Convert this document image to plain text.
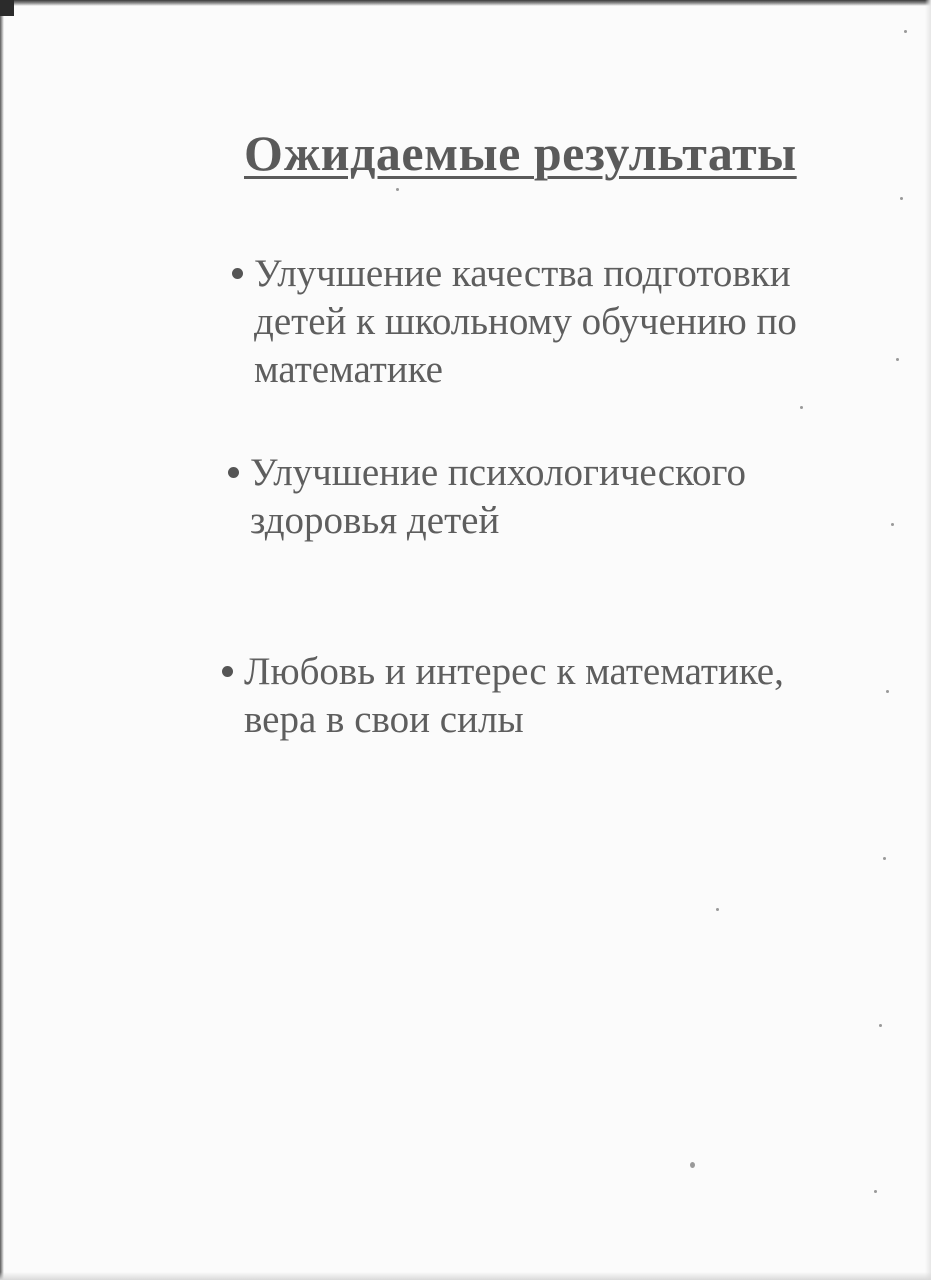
Ожидаемые результаты
Улучшение качества подготовки детей к школьному обучению по математике
Улучшение психологического здоровья детей
Любовь и интерес к математике, вера в свои силы
